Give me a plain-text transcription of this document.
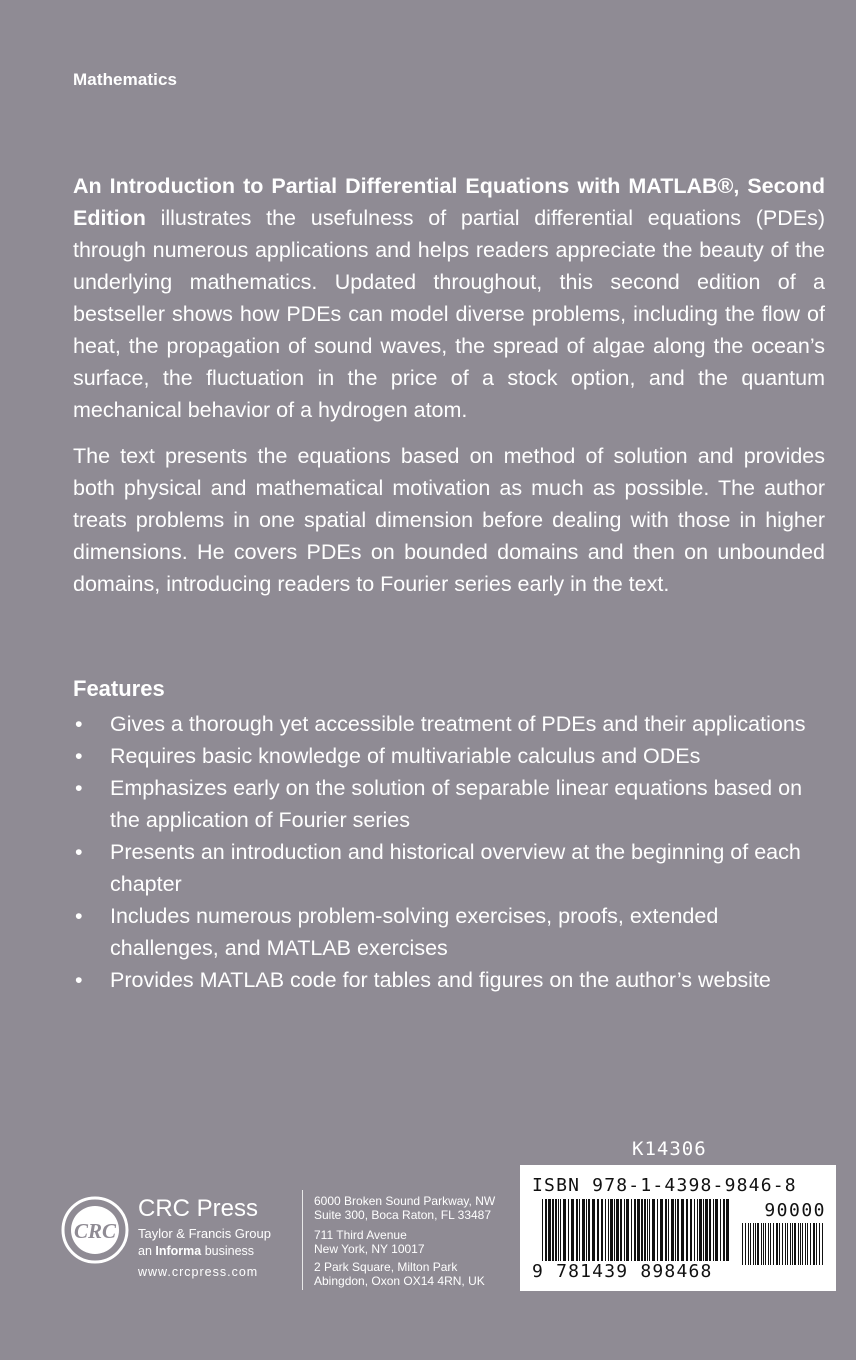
Mathematics

An Introduction to Partial Differential Equations with MATLAB®, Second Edition illustrates the usefulness of partial differential equations (PDEs) through numerous applications and helps readers appreciate the beauty of the underlying mathematics. Updated throughout, this second edition of a bestseller shows how PDEs can model diverse problems, including the flow of heat, the propagation of sound waves, the spread of algae along the ocean’s surface, the fluctuation in the price of a stock option, and the quantum mechanical behavior of a hydrogen atom.

The text presents the equations based on method of solution and provides both physical and mathematical motivation as much as possible. The author treats problems in one spatial dimension before dealing with those in higher dimensions. He covers PDEs on bounded domains and then on unbounded domains, introducing readers to Fourier series early in the text.

Features
• Gives a thorough yet accessible treatment of PDEs and their applications
• Requires basic knowledge of multivariable calculus and ODEs
• Emphasizes early on the solution of separable linear equations based on the application of Fourier series
• Presents an introduction and historical overview at the beginning of each chapter
• Includes numerous problem-solving exercises, proofs, extended challenges, and MATLAB exercises
• Provides MATLAB code for tables and figures on the author’s website
K14306
ISBN 978-1-4398-9846-8
90000
9 781439 898468
CRC
CRC Press
Taylor & Francis Group
an Informa business
www.crcpress.com
6000 Broken Sound Parkway, NW
Suite 300, Boca Raton, FL 33487
711 Third Avenue
New York, NY 10017
2 Park Square, Milton Park
Abingdon, Oxon OX14 4RN, UK
